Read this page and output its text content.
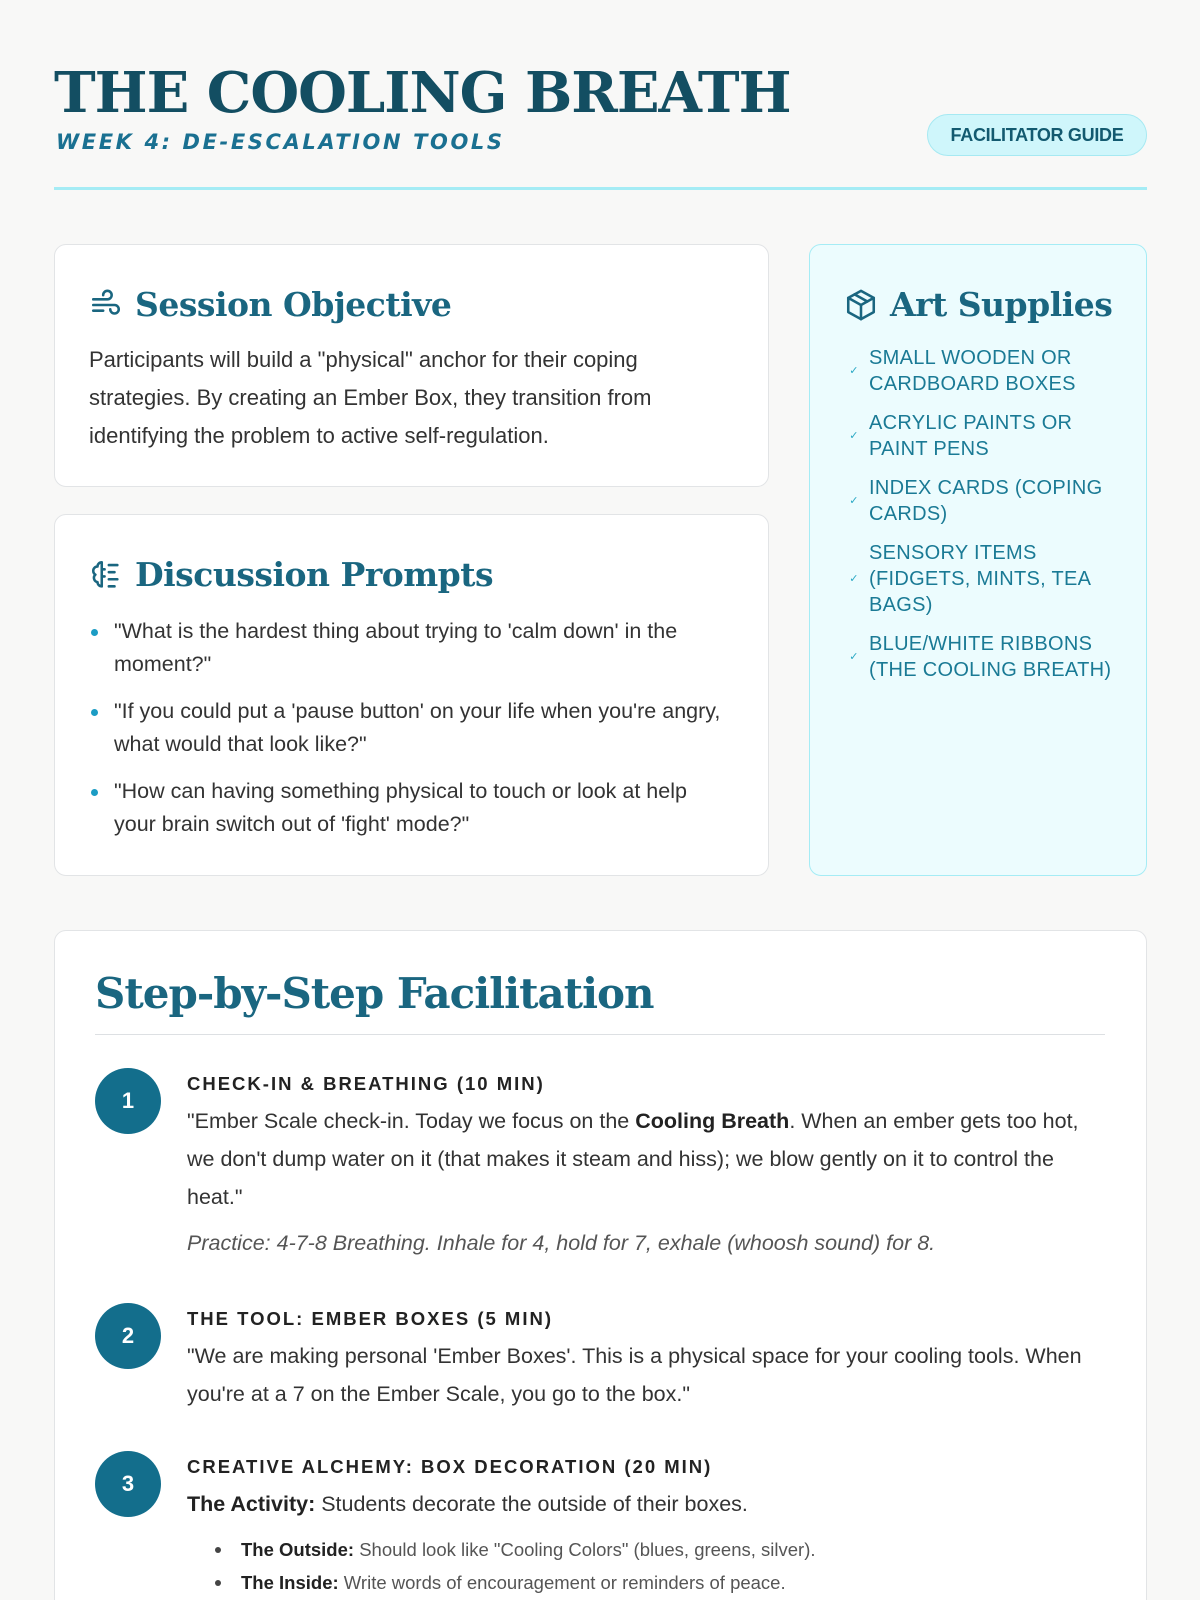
THE COOLING BREATH
WEEK 4: DE-ESCALATION TOOLS	FACILITATOR GUIDE
Session Objective

Participants will build a "physical" anchor for their coping strategies. By creating an Ember Box, they transition from identifying the problem to active self-regulation.

Discussion Prompts
"What is the hardest thing about trying to 'calm down' in the moment?"
"If you could put a 'pause button' on your life when you're angry, what would that look like?"
"How can having something physical to touch or look at help your brain switch out of 'fight' mode?"
Art Supplies
✓
SMALL WOODEN OR CARDBOARD BOXES
✓
ACRYLIC PAINTS OR PAINT PENS
✓
INDEX CARDS (COPING CARDS)
✓
SENSORY ITEMS (FIDGETS, MINTS, TEA BAGS)
✓
BLUE/WHITE RIBBONS (THE COOLING BREATH)
Step-by-Step Facilitation
1
CHECK-IN & BREATHING (10 MIN)

"Ember Scale check-in. Today we focus on the Cooling Breath. When an ember gets too hot, we don't dump water on it (that makes it steam and hiss); we blow gently on it to control the heat."

Practice: 4-7-8 Breathing. Inhale for 4, hold for 7, exhale (whoosh sound) for 8.

2
THE TOOL: EMBER BOXES (5 MIN)

"We are making personal 'Ember Boxes'. This is a physical space for your cooling tools. When you're at a 7 on the Ember Scale, you go to the box."

3
CREATIVE ALCHEMY: BOX DECORATION (20 MIN)

The Activity: Students decorate the outside of their boxes.

The Outside: Should look like "Cooling Colors" (blues, greens, silver).
The Inside: Write words of encouragement or reminders of peace.
